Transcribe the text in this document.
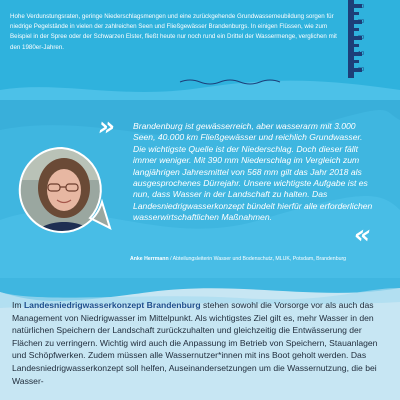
Hohe Verdunstungsraten, geringe Niederschlagsmengen und eine zurückgehende Grundwasserneubildung sorgen für niedrige Pegelstände in vielen der zahlreichen Seen und Fließgewässer Brandenburgs. In einigen Flüssen, wie zum Beispiel in der Spree oder der Schwarzen Elster, fließt heute nur noch rund ein Drittel der Wassermenge, verglichen mit den 1980er-Jahren.
40
30
20
10
00
»	Brandenburg ist gewässerreich, aber wasserarm mit 3.000 Seen, 40.000 km Fließgewässer und reichlich Grundwasser. Die wichtigste Quelle ist der Niederschlag. Doch dieser fällt immer weniger. Mit 390 mm Niederschlag im Vergleich zum langjährigen Jahresmittel von 568 mm gilt das Jahr 2018 als ausgesprochenes Dürrejahr. Unsere wichtigste Aufgabe ist es nun, dass Wasser in der Landschaft zu halten. Das Landesniedrigwasserkonzept bündelt hierfür alle erforderlichen wasserwirtschaftlichen Maßnahmen.
«
Anke Herrmann / Abteilungsleiterin Wasser und Bodenschutz, MLUK, Potsdam, Brandenburg
Im Landesniedrigwasserkonzept Brandenburg stehen sowohl die Vorsorge vor als auch das Management von Niedrigwasser im Mittelpunkt. Als wichtigstes Ziel gilt es, mehr Wasser in den natürlichen Speichern der Landschaft zurückzuhalten und gleichzeitig die Entwässerung der Flächen zu verringern. Wichtig wird auch die Anpassung im Betrieb von Speichern, Stauanlagen und Schöpfwerken. Zudem müssen alle Wassernutzer*innen mit ins Boot geholt werden. Das Landesniedrigwasserkonzept soll helfen, Auseinandersetzungen um die Wassernutzung, die bei Wasser-
